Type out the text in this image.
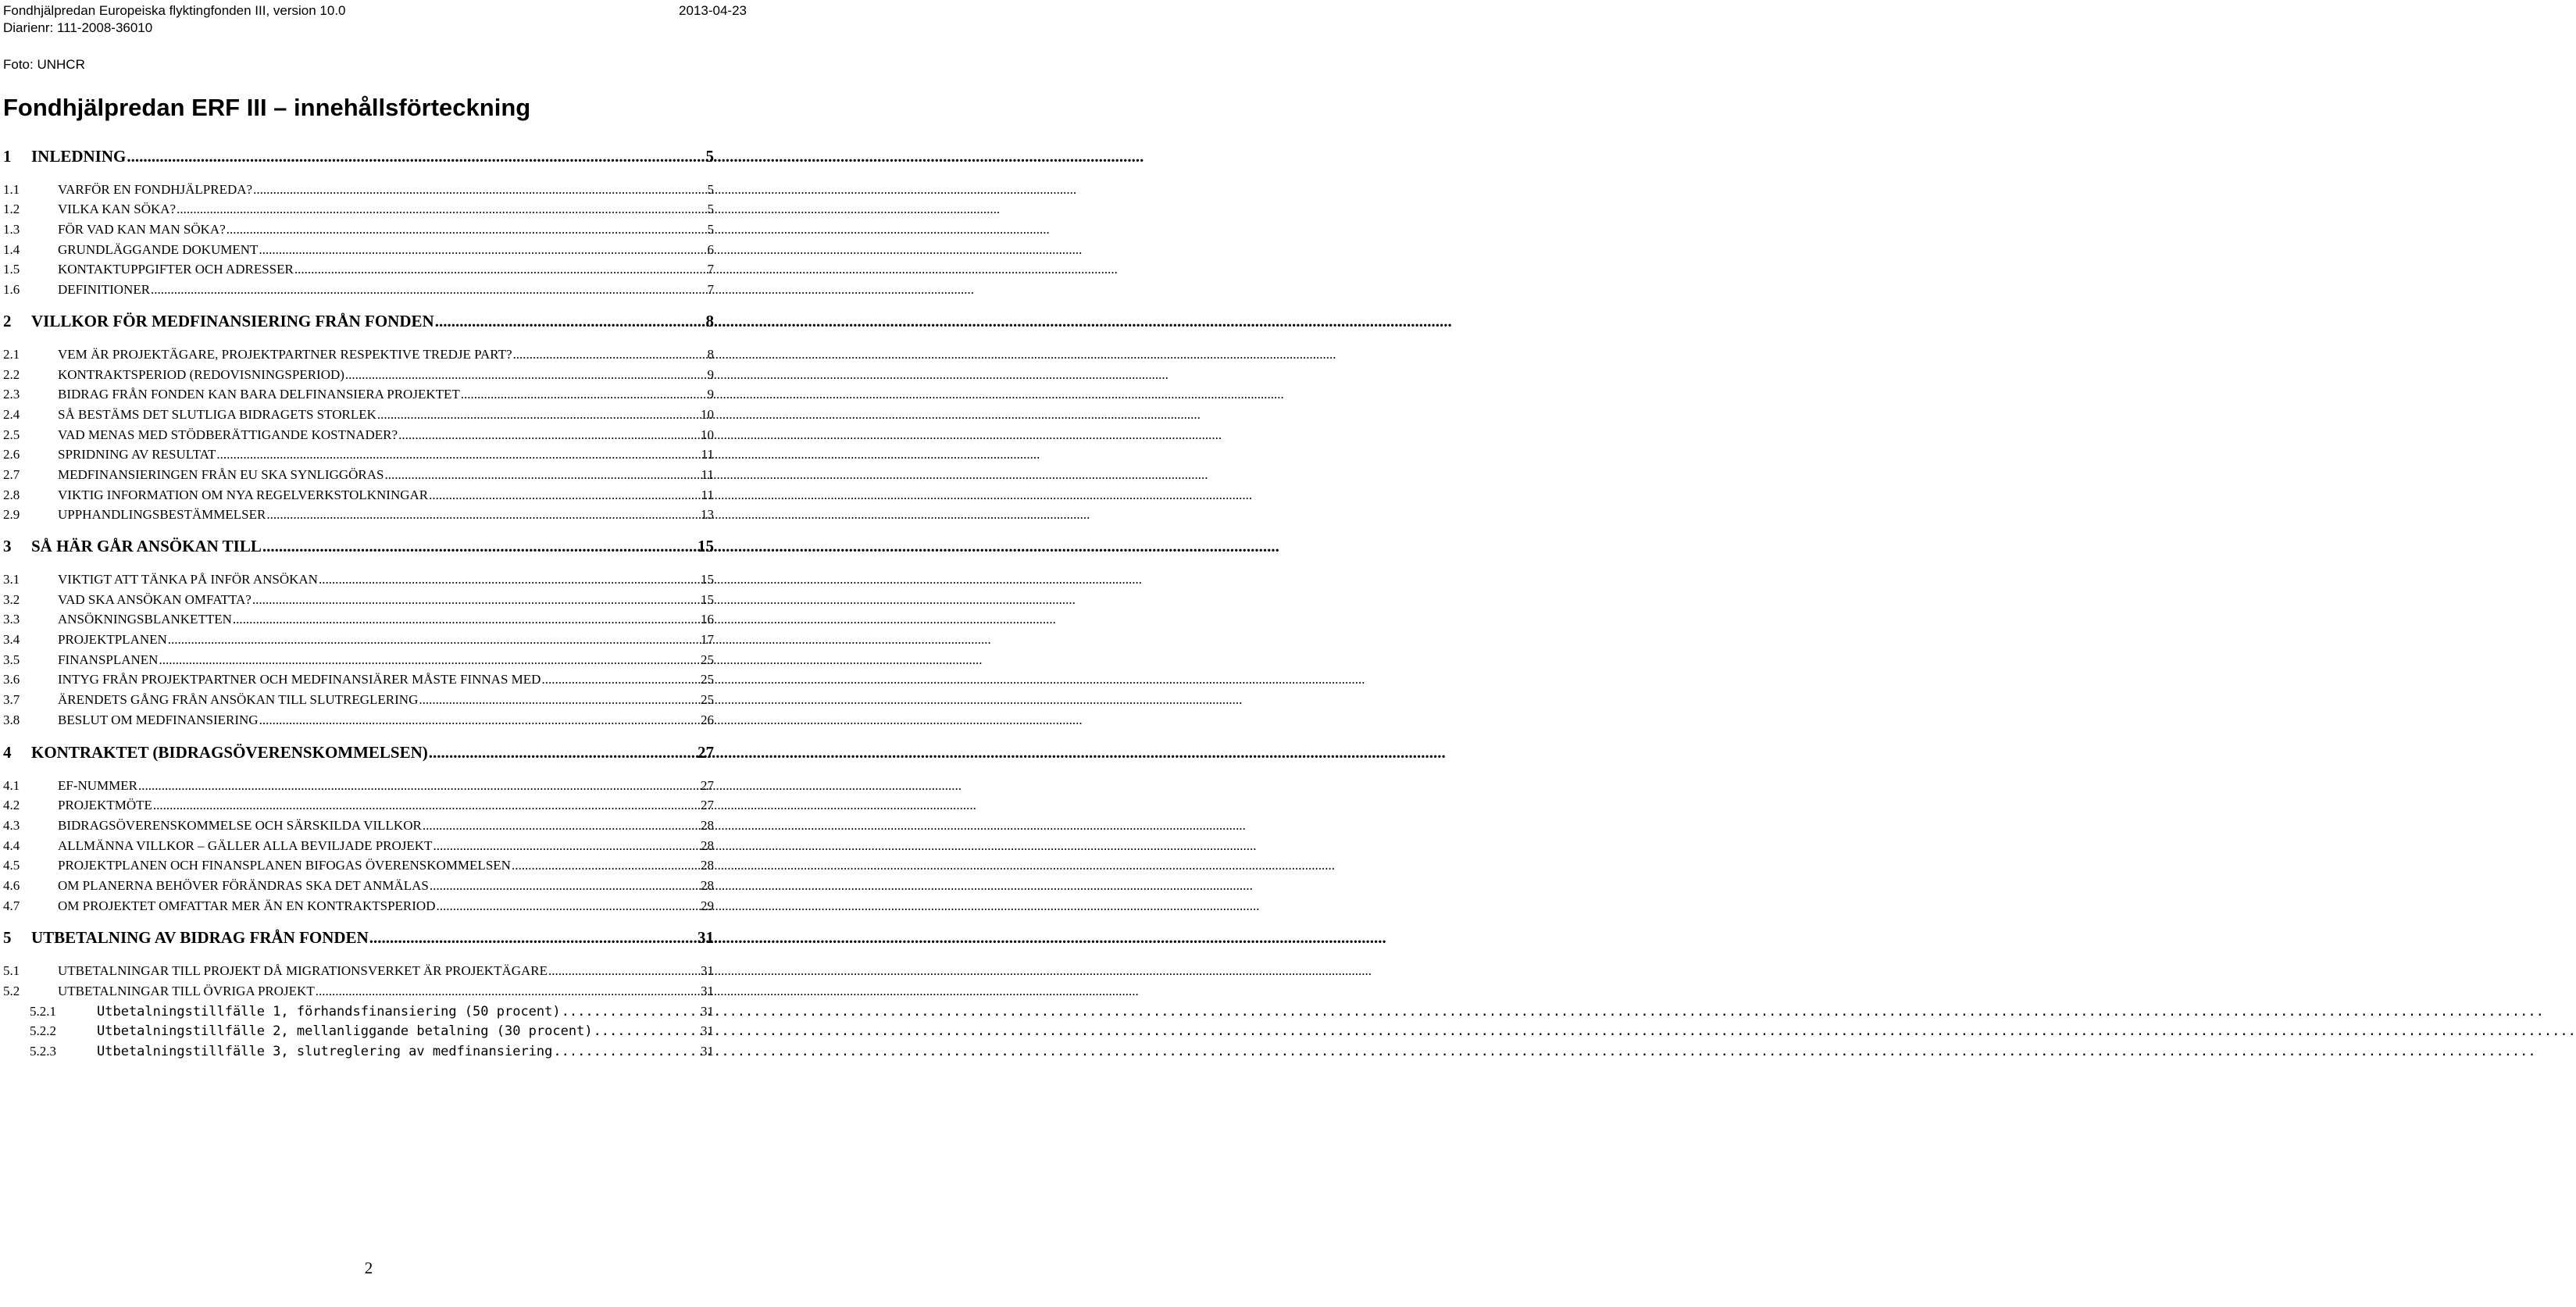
Fondhjälpredan Europeiska flyktingfonden III, version 10.0	2013-04-23
Diarienr: 111-2008-36010
Foto: UNHCR
Fondhjälpredan ERF III – innehållsförteckning
1	INLEDNING .....	5
1.1	VARFÖR EN FONDHJÄLPREDA? .....	5
1.2	VILKA KAN SÖKA? .....	5
1.3	FÖR VAD KAN MAN SÖKA? .....	5
1.4	GRUNDLÄGGANDE DOKUMENT .....	6
1.5	KONTAKTUPPGIFTER OCH ADRESSER .....	7
1.6	DEFINITIONER .....	7
2	VILLKOR FÖR MEDFINANSIERING FRÅN FONDEN .....	8
2.1	VEM ÄR PROJEKTÄGARE, PROJEKTPARTNER RESPEKTIVE TREDJE PART? .....	8
2.2	KONTRAKTSPERIOD (REDOVISNINGSPERIOD) .....	9
2.3	BIDRAG FRÅN FONDEN KAN BARA DELFINANSIERA PROJEKTET .....	9
2.4	SÅ BESTÄMS DET SLUTLIGA BIDRAGETS STORLEK .....	10
2.5	VAD MENAS MED STÖDBERÄTTIGANDE KOSTNADER? .....	10
2.6	SPRIDNING AV RESULTAT .....	11
2.7	MEDFINANSIERINGEN FRÅN EU SKA SYNLIGGÖRAS .....	11
2.8	VIKTIG INFORMATION OM NYA REGELVERKSTOLKNINGAR .....	11
2.9	UPPHANDLINGSBESTÄMMELSER .....	13
3	SÅ HÄR GÅR ANSÖKAN TILL .....	15
3.1	VIKTIGT ATT TÄNKA PÅ INFÖR ANSÖKAN .....	15
3.2	VAD SKA ANSÖKAN OMFATTA? .....	15
3.3	ANSÖKNINGSBLANKETTEN .....	16
3.4	PROJEKTPLANEN .....	17
3.5	FINANSPLANEN .....	25
3.6	INTYG FRÅN PROJEKTPARTNER OCH MEDFINANSIÄRER MÅSTE FINNAS MED .....	25
3.7	ÄRENDETS GÅNG FRÅN ANSÖKAN TILL SLUTREGLERING .....	25
3.8	BESLUT OM MEDFINANSIERING .....	26
4	KONTRAKTET (BIDRAGSÖVERENSKOMMELSEN) .....	27
4.1	EF-NUMMER .....	27
4.2	PROJEKTMÖTE .....	27
4.3	BIDRAGSÖVERENSKOMMELSE OCH SÄRSKILDA VILLKOR .....	28
4.4	ALLMÄNNA VILLKOR – GÄLLER ALLA BEVILJADE PROJEKT .....	28
4.5	PROJEKTPLANEN OCH FINANSPLANEN BIFOGAS ÖVERENSKOMMELSEN .....	28
4.6	OM PLANERNA BEHÖVER FÖRÄNDRAS SKA DET ANMÄLAS .....	28
4.7	OM PROJEKTET OMFATTAR MER ÄN EN KONTRAKTSPERIOD .....	29
5	UTBETALNING AV BIDRAG FRÅN FONDEN .....	31
5.1	UTBETALNINGAR TILL PROJEKT DÅ MIGRATIONSVERKET ÄR PROJEKTÄGARE .....	31
5.2	UTBETALNINGAR TILL ÖVRIGA PROJEKT .....	31
5.2.1	Utbetalningstillfälle 1, förhandsfinansiering (50 procent) .....	31
5.2.2	Utbetalningstillfälle 2, mellanliggande betalning (30 procent) .....	31
5.2.3	Utbetalningstillfälle 3, slutreglering av medfinansiering .....	31
2
